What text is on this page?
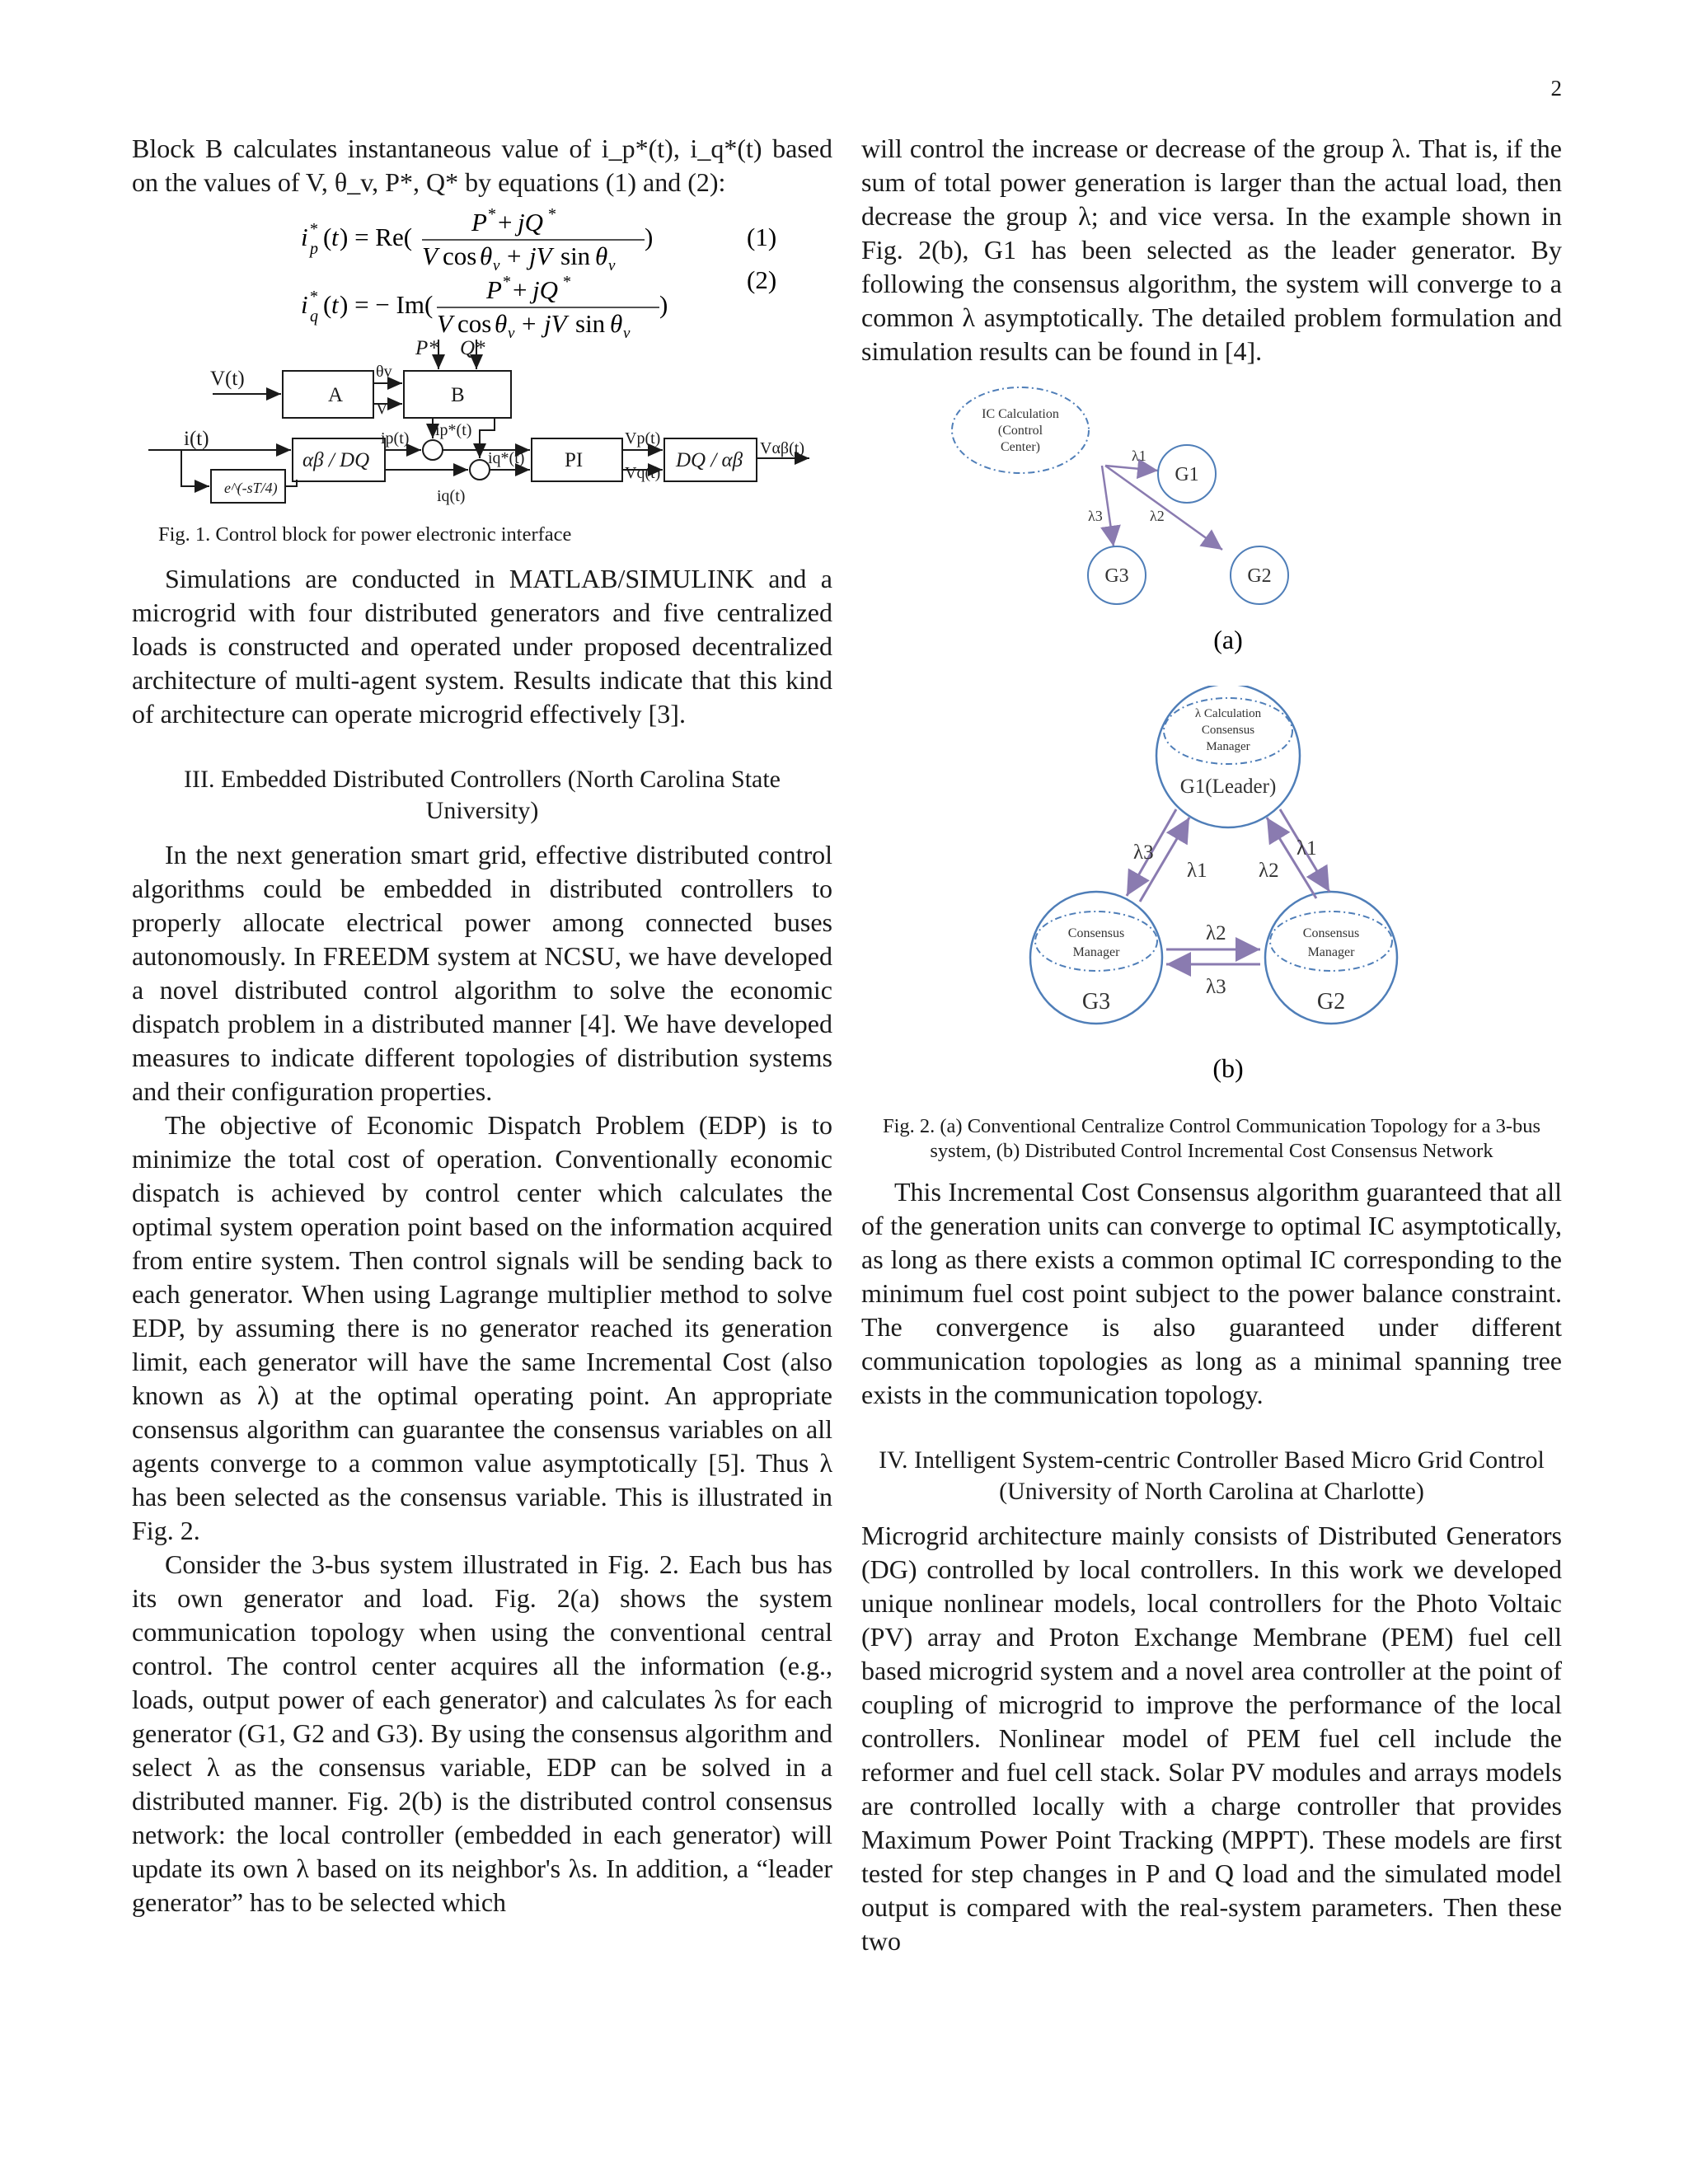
2

Block B calculates instantaneous value of i_p*(t), i_q*(t) based on the values of V, θ_v, P*, Q* by equations (1) and (2):

i *
p ( t ) = Re(
P * + jQ *
V cos θ v + jV sin θ v
)	(1)
i *
q ( t ) = − Im(
P * + jQ *
V cos θ v + jV sin θ v
)
(2)
V(t)
i(t)
A	B
αβ / DQ
e^(-sT/4)
PI	DQ / αβ
P* Q*
θv
V
ip(t) ip*(t)
iq*(t)
iq(t)
Vp(t)
Vq(t)
Vαβ(t)

Fig. 1. Control block for power electronic interface

Simulations are conducted in MATLAB/SIMULINK and a microgrid with four distributed generators and five centralized loads is constructed and operated under proposed decentralized architecture of multi-agent system. Results indicate that this kind of architecture can operate microgrid effectively [3].

III. Embedded Distributed Controllers (North Carolina State University)

In the next generation smart grid, effective distributed control algorithms could be embedded in distributed controllers to properly allocate electrical power among connected buses autonomously. In FREEDM system at NCSU, we have developed a novel distributed control algorithm to solve the economic dispatch problem in a distributed manner [4]. We have developed measures to indicate different topologies of distribution systems and their configuration properties.

The objective of Economic Dispatch Problem (EDP) is to minimize the total cost of operation. Conventionally economic dispatch is achieved by control center which calculates the optimal system operation point based on the information acquired from entire system. Then control signals will be sending back to each generator. When using Lagrange multiplier method to solve EDP, by assuming there is no generator reached its generation limit, each generator will have the same Incremental Cost (also known as λ) at the optimal operating point. An appropriate consensus algorithm can guarantee the consensus variables on all agents converge to a common value asymptotically [5]. Thus λ has been selected as the consensus variable. This is illustrated in Fig. 2.

Consider the 3-bus system illustrated in Fig. 2. Each bus has its own generator and load. Fig. 2(a) shows the system communication topology when using the conventional central control. The control center acquires all the information (e.g., loads, output power of each generator) and calculates λs for each generator (G1, G2 and G3). By using the consensus algorithm and select λ as the consensus variable, EDP can be solved in a distributed manner. Fig. 2(b) is the distributed control consensus network: the local controller (embedded in each generator) will update its own λ based on its neighbor's λs. In addition, a “leader generator” has to be selected which

will control the increase or decrease of the group λ. That is, if the sum of total power generation is larger than the actual load, then decrease the group λ; and vice versa. In the example shown in Fig. 2(b), G1 has been selected as the leader generator. By following the consensus algorithm, the system will converge to a common λ asymptotically. The detailed problem formulation and simulation results can be found in [4].

IC Calculation
(Control
Center)
G1
G3	G2
λ1
λ2
λ3
(a)
λ Calculation
Consensus
Manager
G1(Leader)
Consensus
Manager
G3
Consensus
Manager
G2
λ3
λ1
λ1
λ2
λ2
λ3
(b)

Fig. 2. (a) Conventional Centralize Control Communication Topology for a 3-bus system, (b) Distributed Control Incremental Cost Consensus Network

This Incremental Cost Consensus algorithm guaranteed that all of the generation units can converge to optimal IC asymptotically, as long as there exists a common optimal IC corresponding to the minimum fuel cost point subject to the power balance constraint. The convergence is also guaranteed under different communication topologies as long as a minimal spanning tree exists in the communication topology.

IV. Intelligent System-centric Controller Based Micro Grid Control (University of North Carolina at Charlotte)

Microgrid architecture mainly consists of Distributed Generators (DG) controlled by local controllers. In this work we developed unique nonlinear models, local controllers for the Photo Voltaic (PV) array and Proton Exchange Membrane (PEM) fuel cell based microgrid system and a novel area controller at the point of coupling of microgrid to improve the performance of the local controllers. Nonlinear model of PEM fuel cell include the reformer and fuel cell stack. Solar PV modules and arrays models are controlled locally with a charge controller that provides Maximum Power Point Tracking (MPPT). These models are first tested for step changes in P and Q load and the simulated model output is compared with the real-system parameters. Then these two
